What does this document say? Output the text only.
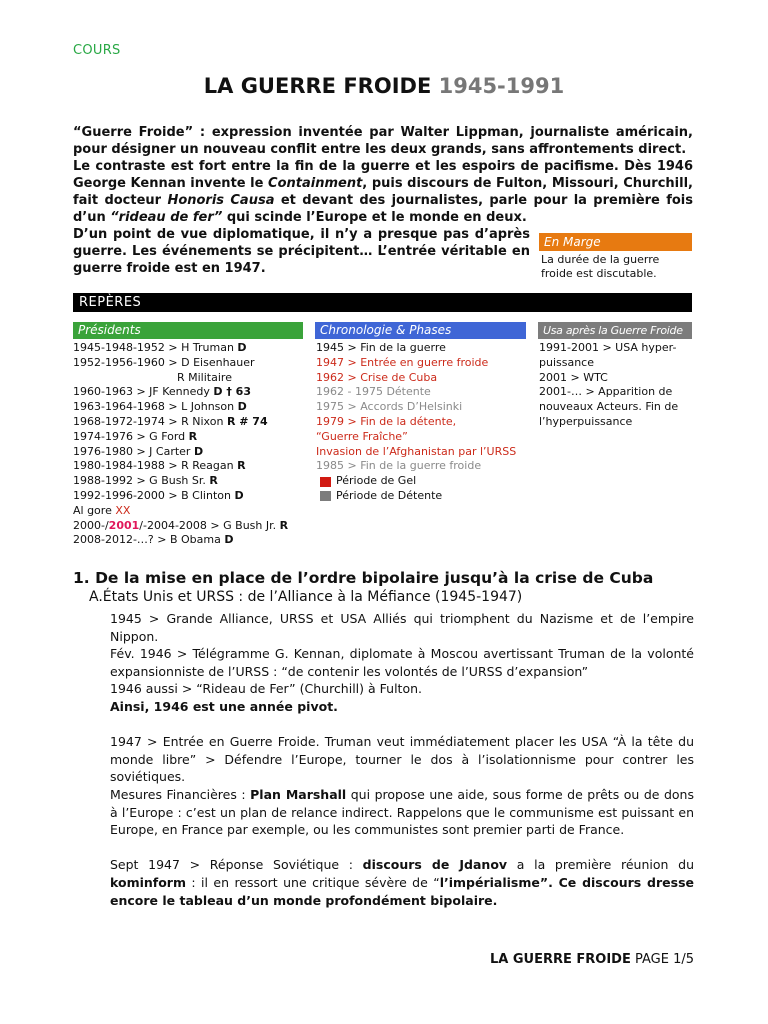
COURS
LA GUERRE FROIDE 1945-1991

“Guerre Froide” : expression inventée par Walter Lippman, journaliste américain, pour désigner un nouveau conflit entre les deux grands, sans affrontements direct.

Le contraste est fort entre la fin de la guerre et les espoirs de pacifisme. Dès 1946 George Kennan invente le Containment, puis discours de Fulton, Missouri, Churchill, fait docteur Honoris Causa et devant des journalistes, parle pour la première fois d’un “rideau de fer” qui scinde l’Europe et le monde en deux.

D’un point de vue diplomatique, il n’y a presque pas d’après guerre. Les événements se précipitent… L’entrée véritable en guerre froide est en 1947.
En Marge
La durée de la guerre froide est discutable.
REPÈRES
Présidents	Chronologie & Phases	Usa après la Guerre Froide
1945-1948-1952 > H Truman D
1952-1956-1960 > D Eisenhauer
R Militaire
1960-1963 > JF Kennedy D † 63
1963-1964-1968 > L Johnson D
1968-1972-1974 > R Nixon R # 74
1974-1976 > G Ford R
1976-1980 > J Carter D
1980-1984-1988 > R Reagan R
1988-1992 > G Bush Sr. R
1992-1996-2000 > B Clinton D
Al gore XX
2000-/2001/-2004-2008 > G Bush Jr. R
2008-2012-…? > B Obama D
1945 > Fin de la guerre
1947 > Entrée en guerre froide
1962 > Crise de Cuba
1962 - 1975 Détente
1975 > Accords D’Helsinki
1979 > Fin de la détente,
“Guerre Fraîche”
Invasion de l’Afghanistan par l’URSS
1985 > Fin de la guerre froide
Période de Gel
Période de Détente
1991-2001 > USA hyper-puissance
2001 > WTC
2001-… > Apparition de nouveaux Acteurs. Fin de l’hyperpuissance
1. De la mise en place de l’ordre bipolaire jusqu’à la crise de Cuba
A.États Unis et URSS : de l’Alliance à la Méfiance (1945-1947)

1945 > Grande Alliance, URSS et USA Alliés qui triomphent du Nazisme et de l’empire Nippon.

Fév. 1946 > Télégramme G. Kennan, diplomate à Moscou avertissant Truman de la volonté expansionniste de l’URSS : “de contenir les volontés de l’URSS d’expansion”

1946 aussi > “Rideau de Fer” (Churchill) à Fulton.

Ainsi, 1946 est une année pivot.

1947 > Entrée en Guerre Froide. Truman veut immédiatement placer les USA “À la tête du monde libre” > Défendre l’Europe, tourner le dos à l’isolationnisme pour contrer les soviétiques.

Mesures Financières : Plan Marshall qui propose une aide, sous forme de prêts ou de dons à l’Europe : c’est un plan de relance indirect. Rappelons que le communisme est puissant en Europe, en France par exemple, ou les communistes sont premier parti de France.

Sept 1947 > Réponse Soviétique : discours de Jdanov a la première réunion du kominform : il en ressort une critique sévère de “l’impérialisme”. Ce discours dresse encore le tableau d’un monde profondément bipolaire.

LA GUERRE FROIDE PAGE 1/5
